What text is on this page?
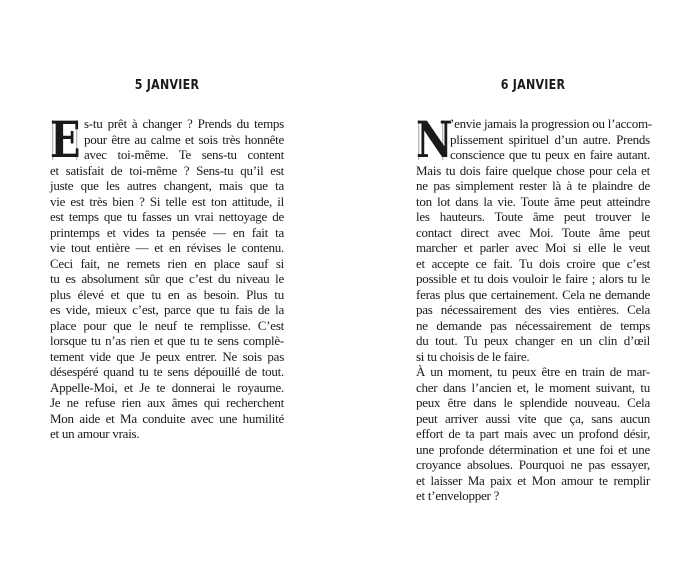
5 JANVIER
E s-tu prêt à changer ? Prends du temps
pour être au calme et sois très honnête
avec toi-même. Te sens-tu content
et satisfait de toi-même ? Sens-tu qu’il est
juste que les autres changent, mais que ta
vie est très bien ? Si telle est ton attitude, il
est temps que tu fasses un vrai nettoyage de
printemps et vides ta pensée — en fait ta
vie tout entière — et en révises le contenu.
Ceci fait, ne remets rien en place sauf si
tu es absolument sûr que c’est du niveau le
plus élevé et que tu en as besoin. Plus tu
es vide, mieux c’est, parce que tu fais de la
place pour que le neuf te remplisse. C’est
lorsque tu n’as rien et que tu te sens complè-
tement vide que Je peux entrer. Ne sois pas
désespéré quand tu te sens dépouillé de tout.
Appelle-Moi, et Je te donnerai le royaume.
Je ne refuse rien aux âmes qui recherchent
Mon aide et Ma conduite avec une humilité
et un amour vrais.
6 JANVIER
N
’envie jamais la progression ou l’accom-
plissement spirituel d’un autre. Prends
conscience que tu peux en faire autant.
Mais tu dois faire quelque chose pour cela et
ne pas simplement rester là à te plaindre de
ton lot dans la vie. Toute âme peut atteindre
les hauteurs. Toute âme peut trouver le
contact direct avec Moi. Toute âme peut
marcher et parler avec Moi si elle le veut
et accepte ce fait. Tu dois croire que c’est
possible et tu dois vouloir le faire ; alors tu le
feras plus que certainement. Cela ne demande
pas nécessairement des vies entières. Cela
ne demande pas nécessairement de temps
du tout. Tu peux changer en un clin d’œil
si tu choisis de le faire.
À un moment, tu peux être en train de mar-
cher dans l’ancien et, le moment suivant, tu
peux être dans le splendide nouveau. Cela
peut arriver aussi vite que ça, sans aucun
effort de ta part mais avec un profond désir,
une profonde détermination et une foi et une
croyance absolues. Pourquoi ne pas essayer,
et laisser Ma paix et Mon amour te remplir
et t’envelopper ?
